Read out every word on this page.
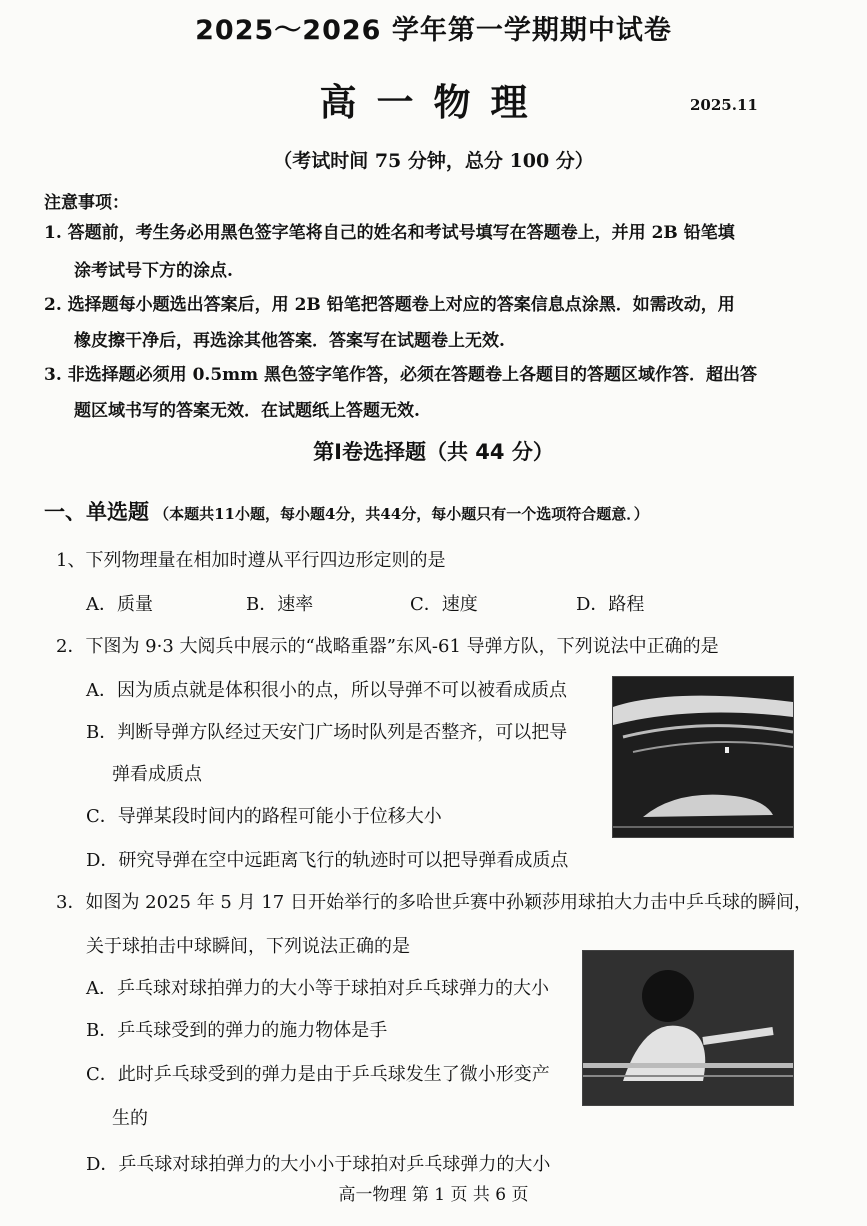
2025～2026 学年第一学期期中试卷
高一物理	2025.11
（考试时间 75 分钟，总分 100 分）
注意事项：
1. 答题前，考生务必用黑色签字笔将自己的姓名和考试号填写在答题卷上，并用 2B 铅笔填
涂考试号下方的涂点.
2. 选择题每小题选出答案后，用 2B 铅笔把答题卷上对应的答案信息点涂黑．如需改动，用
橡皮擦干净后，再选涂其他答案．答案写在试题卷上无效.
3. 非选择题必须用 0.5mm 黑色签字笔作答，必须在答题卷上各题目的答题区域作答．超出答
题区域书写的答案无效．在试题纸上答题无效.
第Ⅰ卷选择题（共 44 分）
一、单选题 （本题共11小题，每小题4分，共44分，每小题只有一个选项符合题意．）
1、下列物理量在相加时遵从平行四边形定则的是
A．质量	B．速率	C．速度	D．路程
2．下图为 9·3 大阅兵中展示的“战略重器”东风-61 导弹方队，下列说法中正确的是
A．因为质点就是体积很小的点，所以导弹不可以被看成质点
B．判断导弹方队经过天安门广场时队列是否整齐，可以把导
弹看成质点
C．导弹某段时间内的路程可能小于位移大小
D．研究导弹在空中远距离飞行的轨迹时可以把导弹看成质点
3．如图为 2025 年 5 月 17 日开始举行的多哈世乒赛中孙颖莎用球拍大力击中乒乓球的瞬间，
关于球拍击中球瞬间，下列说法正确的是
A．乒乓球对球拍弹力的大小等于球拍对乒乓球弹力的大小
B．乒乓球受到的弹力的施力物体是手
C．此时乒乓球受到的弹力是由于乒乓球发生了微小形变产
生的
D．乒乓球对球拍弹力的大小小于球拍对乒乓球弹力的大小
高一物理 第 1 页 共 6 页
